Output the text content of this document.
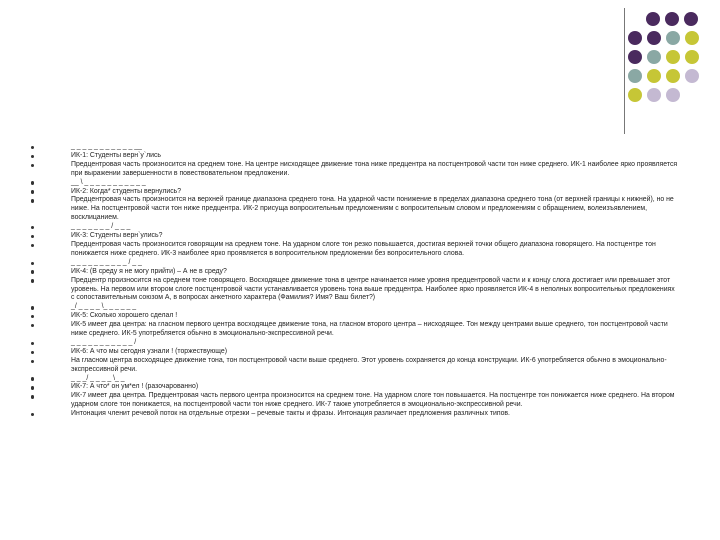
_ _ _ _ _ _ _ _ _ _ _ __
ИК-1: Студенты верн`у`лись
Предцентровая часть произносится на среднем тоне. На центре нисходящее движение тона ниже предцентра на постцентровой части тон ниже среднего. ИК-1 наиболее ярко проявляется при выражении завершенности в повествовательном предложении.
__ \ _ _ _ _ _ _ _ _ _ _ _
ИК-2: Когда* студенты вернулись?
Предцентровая часть произносится на верхней границе диапазона среднего тона. На ударной части понижение в пределах диапазона среднего тона (от верхней границы к нижней), но не ниже. На постцентровой части тон ниже предцентра. ИК-2 присуща вопросительным предложениям с вопросительным словом и предложениям с обращением, волеизъявлением, восклицанием.
_ _ _ _ _ _ _ / _ _ _
ИК-3: Студенты верн`улись?
Предцентровая часть произносится говорящим на среднем тоне. На ударном слоге тон резко повышается, достигая верхней точки общего диапазона говорящего. На постцентре тон понижается ниже среднего. ИК-3 наиболее ярко проявляется в вопросительном предложении без вопросительного слова.
_ _ _ _ _ _ _ _ _ _ / _ _
ИК-4: (В среду я не могу прийти) – А не в среду?
Предцентр произносится на среднем тоне говорящего. Восходящее движение тона в центре начинается ниже уровня предцентровой части и к концу слога достигает или превышает этот уровень. На первом или втором слоге постцентровой части устанавливается уровень тона выше предцентра. Наиболее ярко проявляется ИК-4 в неполных вопросительных предложениях с сопоставительным союзом А, в вопросах анкетного характера (Фамилия? Имя? Ваш билет?)
_/ _ _ _ _ \_ _ _ _ _ _
ИК-5: Сколько хорошего сделал !
ИК-5 имеет два центра: на гласном первого центра восходящее движение тона, на гласном второго центра – нисходящее. Тон между центрами выше среднего, тон постцентровой части ниже среднего. ИК-5 употребляется обычно в эмоционально-экспрессивной речи.
_ _ _ _ _ _ _ _ _ _ _ /
ИК-6: А что мы сегодня узнали ! (торжествующе)
На гласном центра восходящее движение тона, тон постцентровой части выше среднего. Этот уровень сохраняется до конца конструкции. ИК-6 употребляется обычно в эмоционально-экспрессивной речи.
_ _ _/ _ _ _ _ \_ _
ИК-7: А что* он ум*ел ! (разочарованно)
ИК-7 имеет два центра. Предцентровая часть первого центра произносится на среднем тоне. На ударном слоге тон повышается. На постцентре тон понижается ниже среднего. На втором ударном слоге тон понижается, на постцентровой части тон ниже среднего. ИК-7 также употребляется в эмоционально-экспрессивной речи.
Интонация членит речевой поток на отдельные отрезки – речевые такты и фразы. Интонация различает предложения различных типов.
